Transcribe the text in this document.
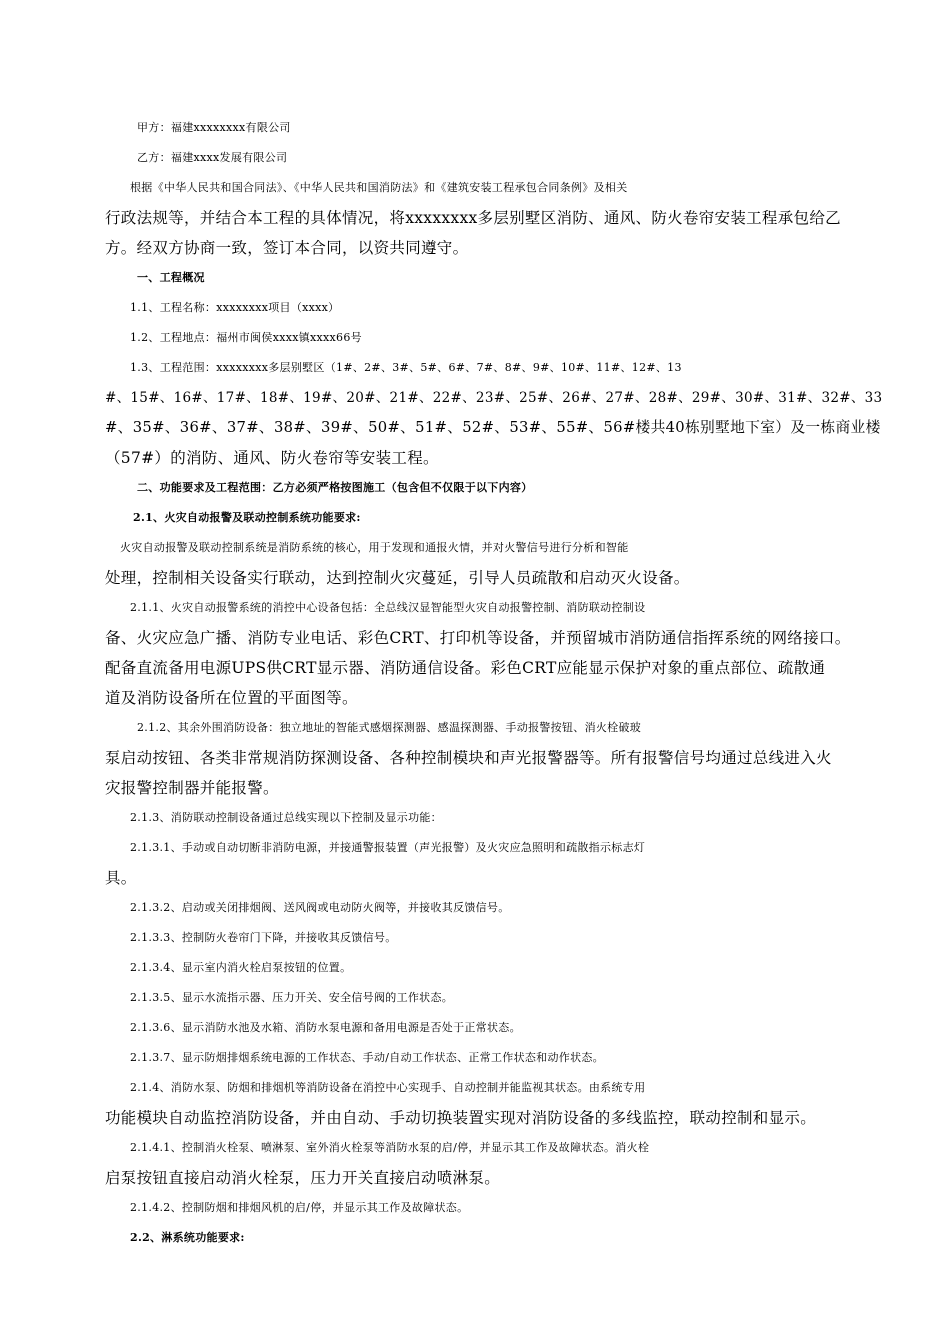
甲方：福建xxxxxxxx有限公司
乙方：福建xxxx发展有限公司
根据《中华人民共和国合同法》、《中华人民共和国消防法》和《建筑安装工程承包合同条例》及相关
行政法规等，并结合本工程的具体情况，将xxxxxxxx多层别墅区消防、通风、防火卷帘安装工程承包给乙
方。经双方协商一致，签订本合同，以资共同遵守。
一、工程概况
1.1、工程名称：xxxxxxxx项目（xxxx）
1.2、工程地点：福州市闽侯xxxx镇xxxx66号
1.3、工程范围：xxxxxxxx多层别墅区（1#、2#、3#、5#、6#、7#、8#、9#、10#、11#、12#、13
#、15#、16#、17#、18#、19#、20#、21#、22#、23#、25#、26#、27#、28#、29#、30#、31#、32#、33
#、35#、36#、37#、38#、39#、50#、51#、52#、53#、55#、56#楼共40栋别墅地下室）及一栋商业楼
（57#）的消防、通风、防火卷帘等安装工程。
二、功能要求及工程范围：乙方必须严格按图施工（包含但不仅限于以下内容）
2.1、火灾自动报警及联动控制系统功能要求:
火灾自动报警及联动控制系统是消防系统的核心，用于发现和通报火情，并对火警信号进行分析和智能
处理，控制相关设备实行联动，达到控制火灾蔓延，引导人员疏散和启动灭火设备。
2.1.1、火灾自动报警系统的消控中心设备包括：全总线汉显智能型火灾自动报警控制、消防联动控制设
备、火灾应急广播、消防专业电话、彩色CRT、打印机等设备，并预留城市消防通信指挥系统的网络接口。
配备直流备用电源UPS供CRT显示器、消防通信设备。彩色CRT应能显示保护对象的重点部位、疏散通
道及消防设备所在位置的平面图等。
2.1.2、其余外围消防设备：独立地址的智能式感烟探测器、感温探测器、手动报警按钮、消火栓破玻
泵启动按钮、各类非常规消防探测设备、各种控制模块和声光报警器等。所有报警信号均通过总线进入火
灾报警控制器并能报警。
2.1.3、消防联动控制设备通过总线实现以下控制及显示功能：
2.1.3.1、手动或自动切断非消防电源，并接通警报装置（声光报警）及火灾应急照明和疏散指示标志灯
具。
2.1.3.2、启动或关闭排烟阀、送风阀或电动防火阀等，并接收其反馈信号。
2.1.3.3、控制防火卷帘门下降，并接收其反馈信号。
2.1.3.4、显示室内消火栓启泵按钮的位置。
2.1.3.5、显示水流指示器、压力开关、安全信号阀的工作状态。
2.1.3.6、显示消防水池及水箱、消防水泵电源和备用电源是否处于正常状态。
2.1.3.7、显示防烟排烟系统电源的工作状态、手动/自动工作状态、正常工作状态和动作状态。
2.1.4、消防水泵、防烟和排烟机等消防设备在消控中心实现手、自动控制并能监视其状态。由系统专用
功能模块自动监控消防设备，并由自动、手动切换装置实现对消防设备的多线监控，联动控制和显示。
2.1.4.1、控制消火栓泵、喷淋泵、室外消火栓泵等消防水泵的启/停，并显示其工作及故障状态。消火栓
启泵按钮直接启动消火栓泵，压力开关直接启动喷淋泵。
2.1.4.2、控制防烟和排烟风机的启/停，并显示其工作及故障状态。
2.2、淋系统功能要求:
